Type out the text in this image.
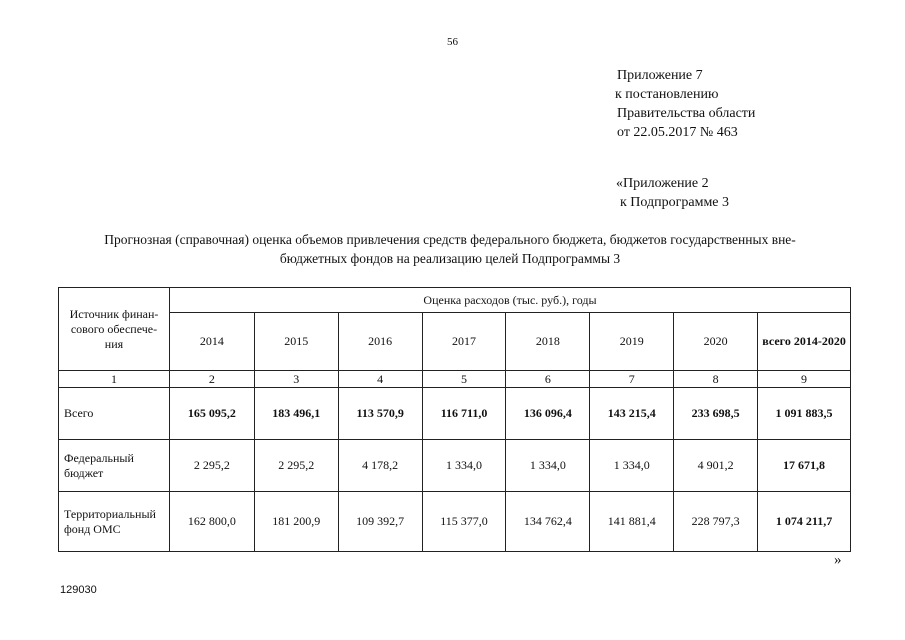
56
Приложение 7
к постановлению
Правительства области
от 22.05.2017 № 463
«Приложение 2
к Подпрограмме 3
Прогнозная (справочная) оценка объемов привлечения средств федерального бюджета, бюджетов государственных вне-
бюджетных фондов на реализацию целей Подпрограммы 3
Источник финан-сового обеспече-ния	Оценка расходов (тыс. руб.), годы							
	2014	2015	2016	2017	2018	2019	2020	всего 2014-2020
1	2	3	4	5	6	7	8	9
Всего	165 095,2	183 496,1	113 570,9	116 711,0	136 096,4	143 215,4	233 698,5	1 091 883,5
Федеральный бюджет	2 295,2	2 295,2	4 178,2	1 334,0	1 334,0	1 334,0	4 901,2	17 671,8
Территориальный фонд ОМС	162 800,0	181 200,9	109 392,7	115 377,0	134 762,4	141 881,4	228 797,3	1 074 211,7
»
129030
